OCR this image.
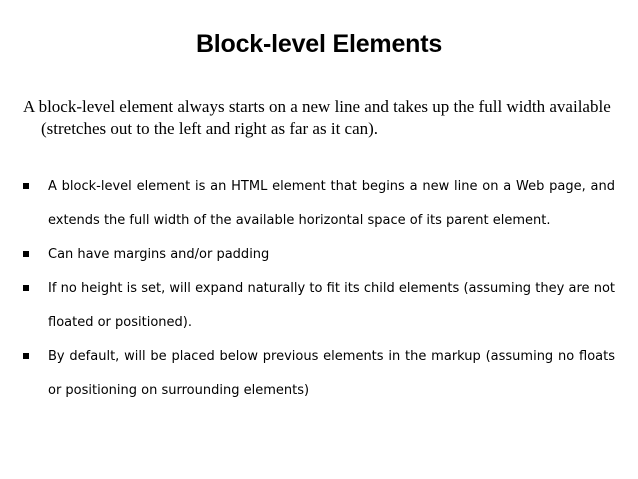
Block-level Elements
A block-level element always starts on a new line and takes up the full width available (stretches out to the left and right as far as it can).
A block-level element is an HTML element that begins a new line on a Web page, and extends the full width of the available horizontal space of its parent element.
Can have margins and/or padding
If no height is set, will expand naturally to fit its child elements (assuming they are not floated or positioned).
By default, will be placed below previous elements in the markup (assuming no floats or positioning on surrounding elements)
